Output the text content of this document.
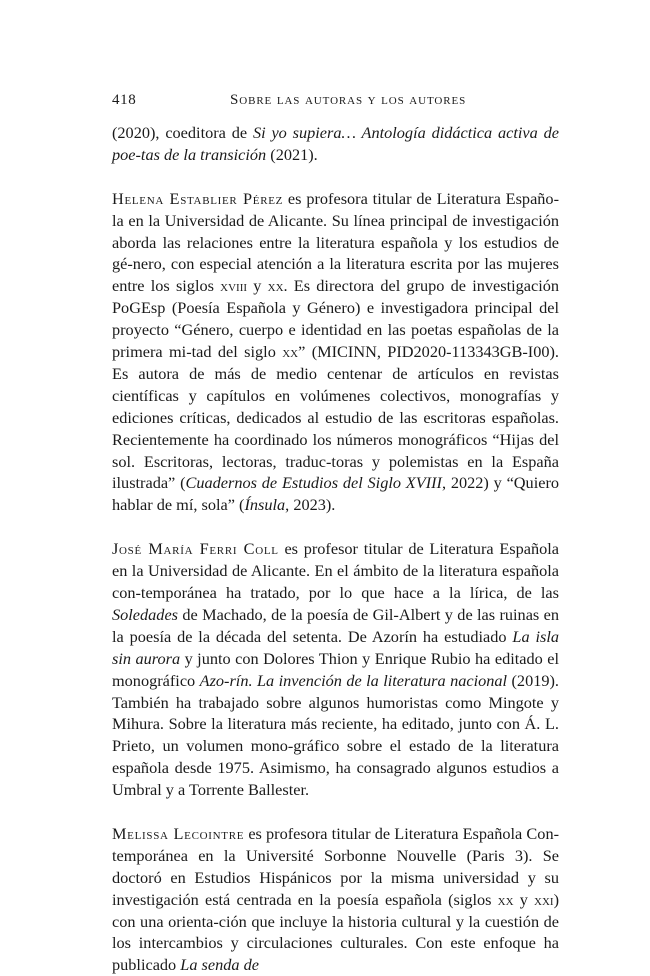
418	Sobre las autoras y los autores

(2020), coeditora de Si yo supiera… Antología didáctica activa de poe-tas de la transición (2021).

Helena Establier Pérez es profesora titular de Literatura Españo-la en la Universidad de Alicante. Su línea principal de investigación aborda las relaciones entre la literatura española y los estudios de gé-nero, con especial atención a la literatura escrita por las mujeres entre los siglos xviii y xx. Es directora del grupo de investigación PoGEsp (Poesía Española y Género) e investigadora principal del proyecto “Género, cuerpo e identidad en las poetas españolas de la primera mi-tad del siglo xx” (MICINN, PID2020-113343GB-I00). Es autora de más de medio centenar de artículos en revistas científicas y capítulos en volúmenes colectivos, monografías y ediciones críticas, dedicados al estudio de las escritoras españolas. Recientemente ha coordinado los números monográficos “Hijas del sol. Escritoras, lectoras, traduc-toras y polemistas en la España ilustrada” (Cuadernos de Estudios del Siglo XVIII, 2022) y “Quiero hablar de mí, sola” (Ínsula, 2023).

José María Ferri Coll es profesor titular de Literatura Española en la Universidad de Alicante. En el ámbito de la literatura española con-temporánea ha tratado, por lo que hace a la lírica, de las Soledades de Machado, de la poesía de Gil-Albert y de las ruinas en la poesía de la década del setenta. De Azorín ha estudiado La isla sin aurora y junto con Dolores Thion y Enrique Rubio ha editado el monográfico Azo-rín. La invención de la literatura nacional (2019). También ha trabajado sobre algunos humoristas como Mingote y Mihura. Sobre la literatura más reciente, ha editado, junto con Á. L. Prieto, un volumen mono-gráfico sobre el estado de la literatura española desde 1975. Asimismo, ha consagrado algunos estudios a Umbral y a Torrente Ballester.

Melissa Lecointre es profesora titular de Literatura Española Con-temporánea en la Université Sorbonne Nouvelle (Paris 3). Se doctoró en Estudios Hispánicos por la misma universidad y su investigación está centrada en la poesía española (siglos xx y xxi) con una orienta-ción que incluye la historia cultural y la cuestión de los intercambios y circulaciones culturales. Con este enfoque ha publicado La senda de
